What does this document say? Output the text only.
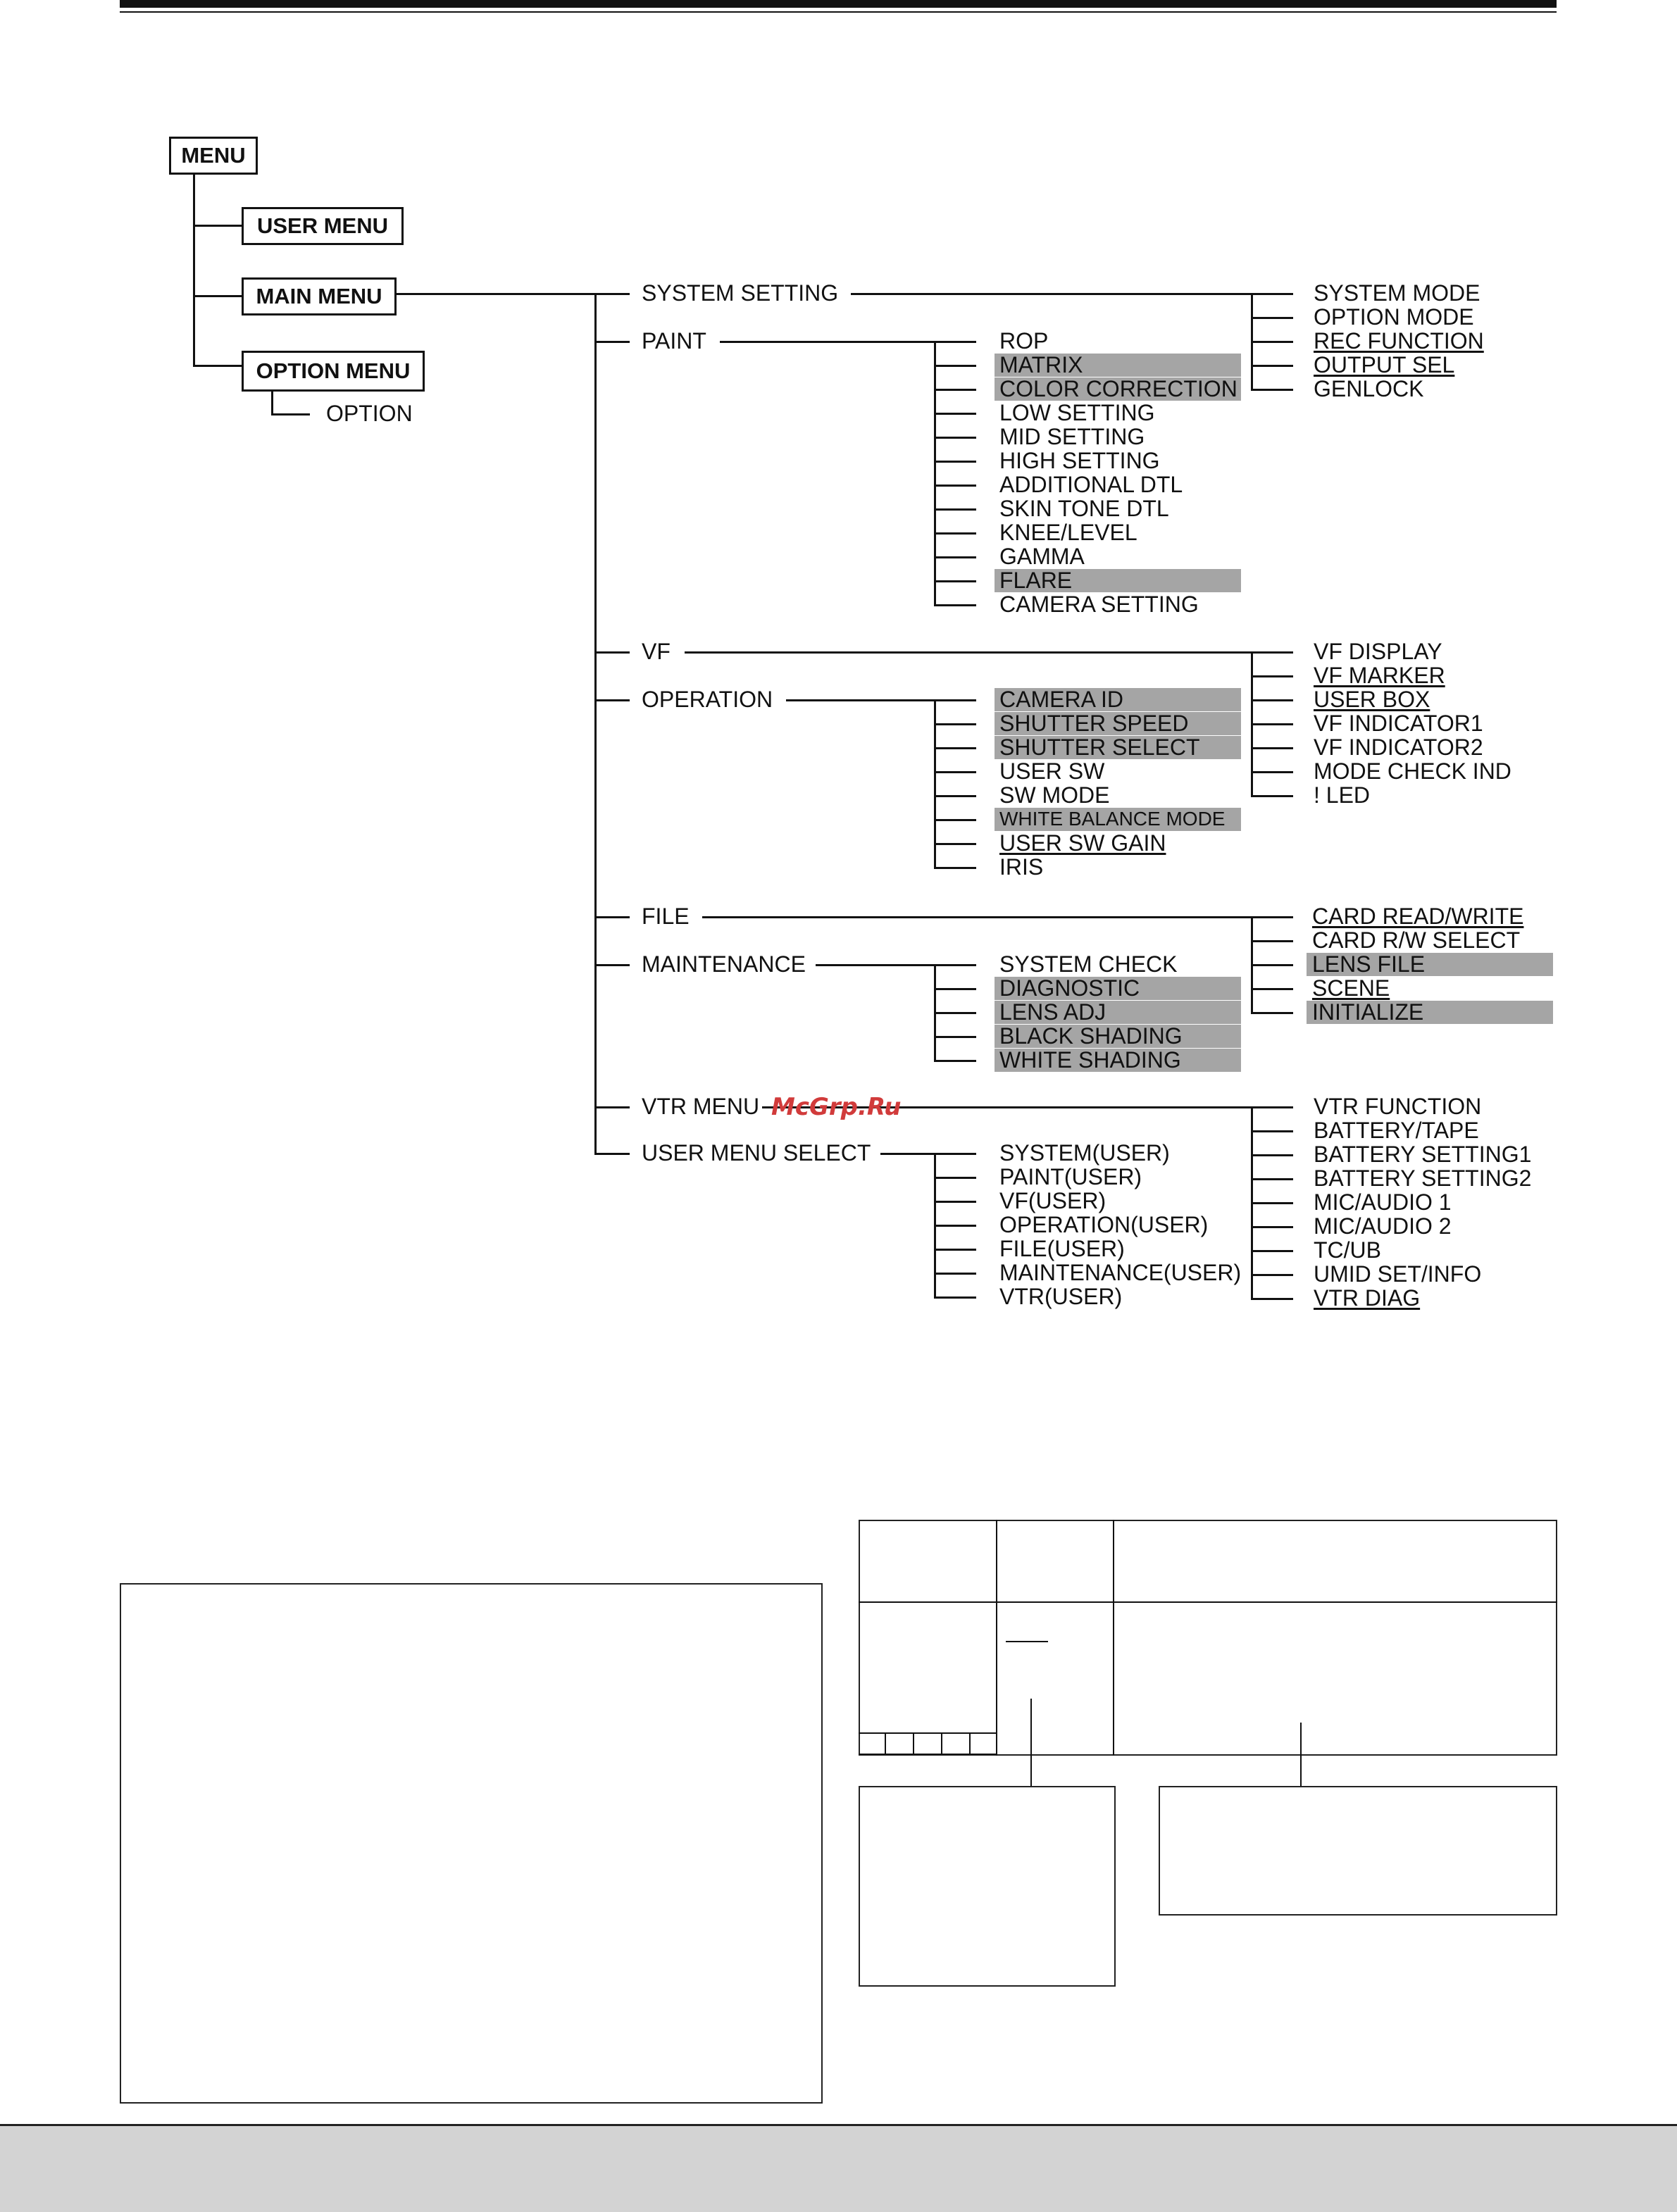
MENU
USER MENU
MAIN MENU
OPTION MENU
OPTION
SYSTEM SETTING
PAINT
VF
OPERATION
FILE
MAINTENANCE
VTR MENU
USER MENU SELECT
ROP
MATRIX
COLOR CORRECTION
LOW SETTING
MID SETTING
HIGH SETTING
ADDITIONAL DTL
SKIN TONE DTL
KNEE/LEVEL
GAMMA
FLARE
CAMERA SETTING
SYSTEM MODE
OPTION MODE
REC FUNCTION
OUTPUT SEL
GENLOCK
VF DISPLAY
VF MARKER
USER BOX
VF INDICATOR1
VF INDICATOR2
MODE CHECK IND
! LED
CAMERA ID
SHUTTER SPEED
SHUTTER SELECT
USER SW
SW MODE
WHITE BALANCE MODE
USER SW GAIN
IRIS
CARD READ/WRITE
CARD R/W SELECT
LENS FILE
SCENE
INITIALIZE
SYSTEM CHECK
DIAGNOSTIC
LENS ADJ
BLACK SHADING
WHITE SHADING
VTR FUNCTION
BATTERY/TAPE
BATTERY SETTING1
BATTERY SETTING2
MIC/AUDIO 1
MIC/AUDIO 2
TC/UB
UMID SET/INFO
VTR DIAG
SYSTEM(USER)
PAINT(USER)
VF(USER)
OPERATION(USER)
FILE(USER)
MAINTENANCE(USER)
VTR(USER)
McGrp.Ru
